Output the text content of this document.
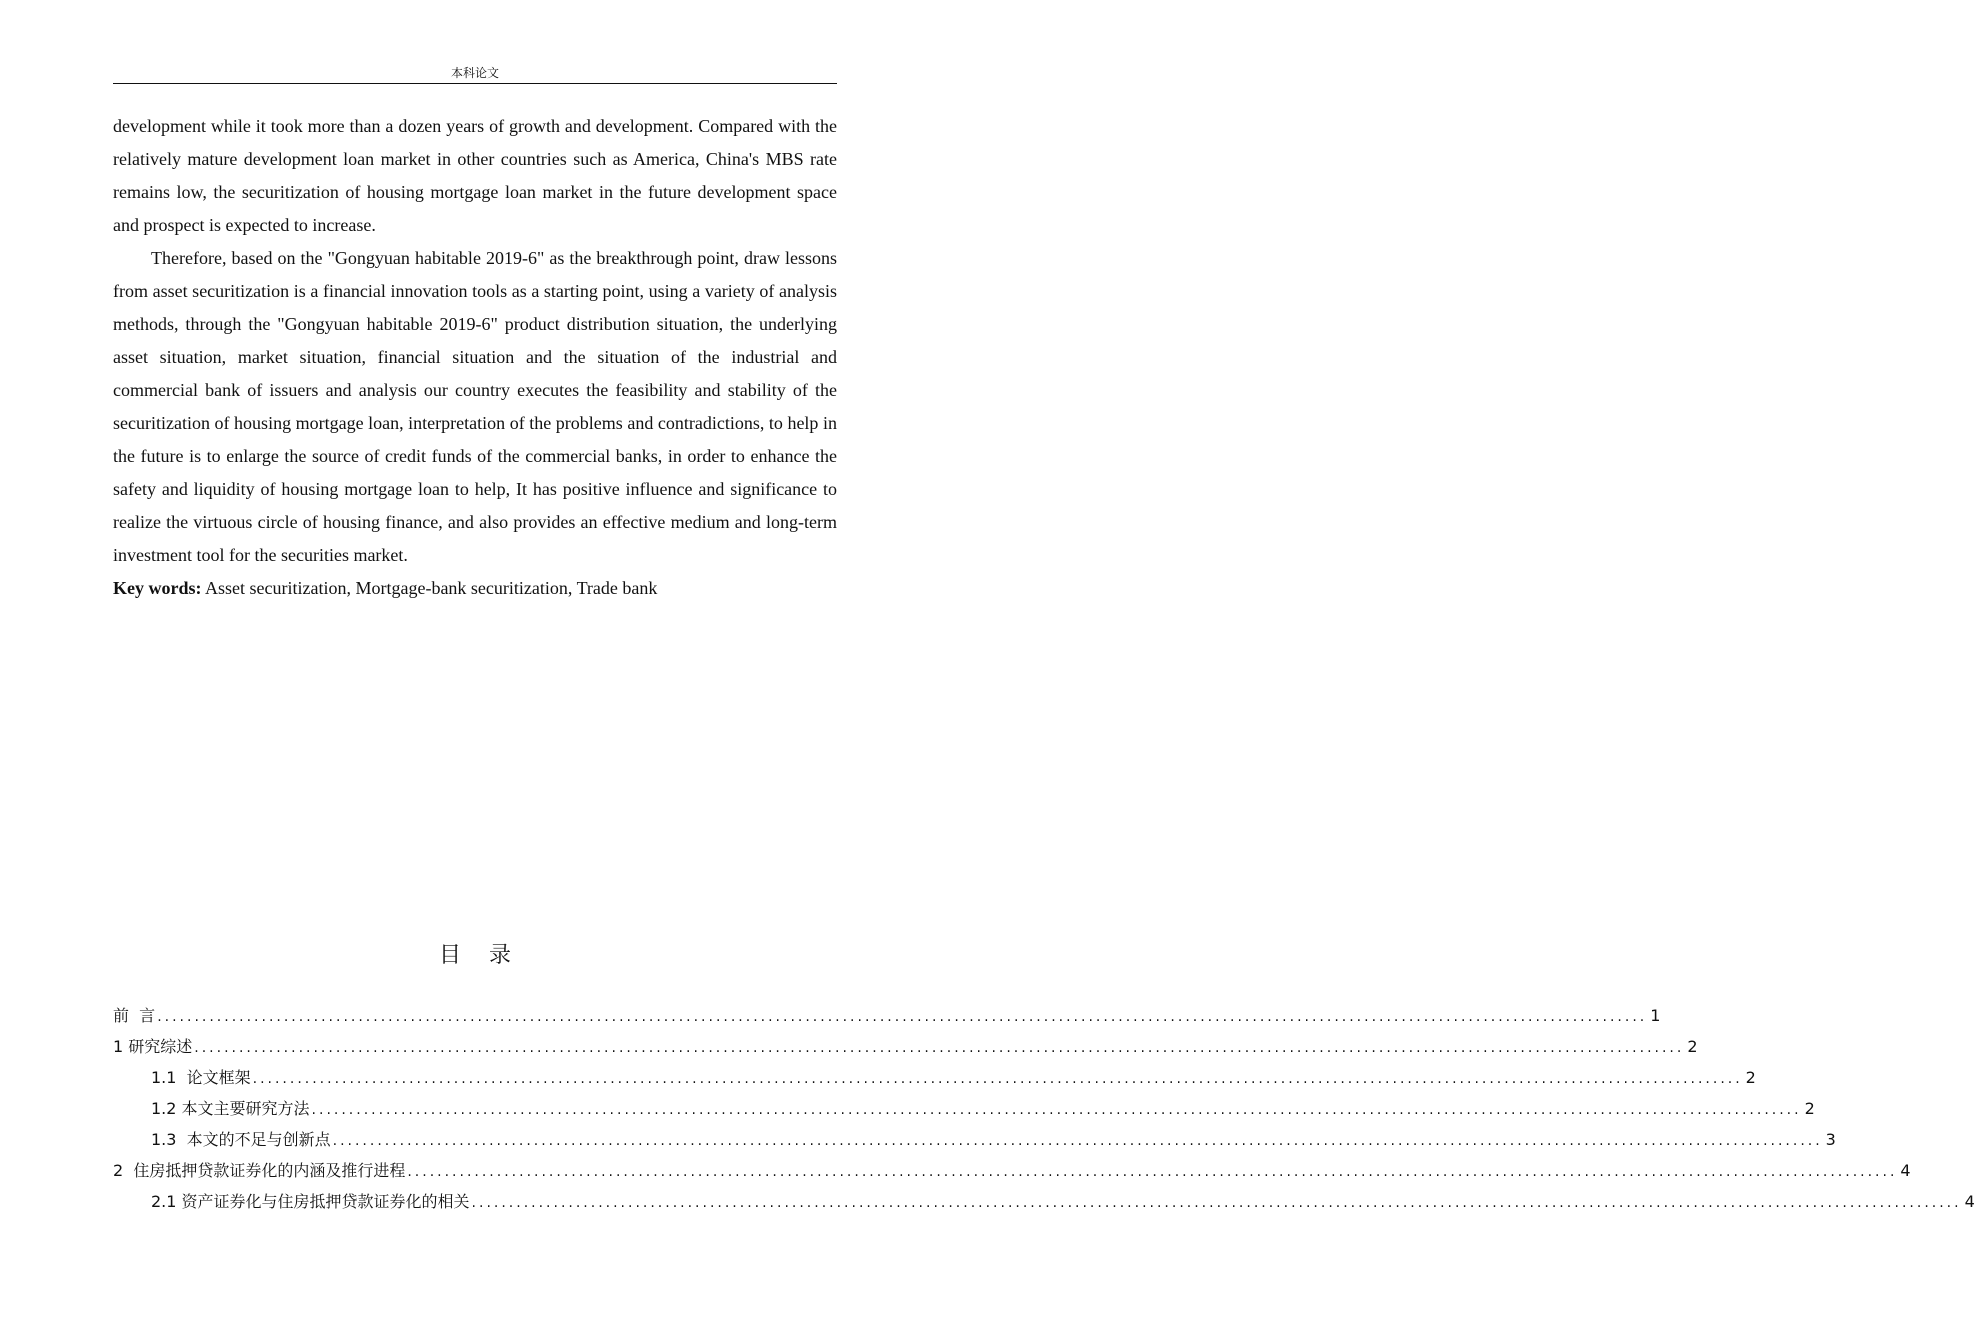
本科论文

development while it took more than a dozen years of growth and development. Compared with the relatively mature development loan market in other countries such as America, China's MBS rate remains low, the securitization of housing mortgage loan market in the future development space and prospect is expected to increase.

Therefore, based on the "Gongyuan habitable 2019-6" as the breakthrough point, draw lessons from asset securitization is a financial innovation tools as a starting point, using a variety of analysis methods, through the "Gongyuan habitable 2019-6" product distribution situation, the underlying asset situation, market situation, financial situation and the situation of the industrial and commercial bank of issuers and analysis our country executes the feasibility and stability of the securitization of housing mortgage loan, interpretation of the problems and contradictions, to help in the future is to enlarge the source of credit funds of the commercial banks, in order to enhance the safety and liquidity of housing mortgage loan to help, It has positive influence and significance to realize the virtuous circle of housing finance, and also provides an effective medium and long-term investment tool for the securities market.

Key words: Asset securitization, Mortgage-bank securitization, Trade bank

目录
前  言 ........................................................................................................................................................................................................ 1
1 研究综述 ........................................................................................................................................................................................................ 2
1.1  论文框架 ........................................................................................................................................................................................................ 2
1.2 本文主要研究方法 ........................................................................................................................................................................................................ 2
1.3  本文的不足与创新点 ........................................................................................................................................................................................................ 3
2  住房抵押贷款证券化的内涵及推行进程 ........................................................................................................................................................................................................ 4
2.1 资产证券化与住房抵押贷款证券化的相关 ........................................................................................................................................................................................................ 4
